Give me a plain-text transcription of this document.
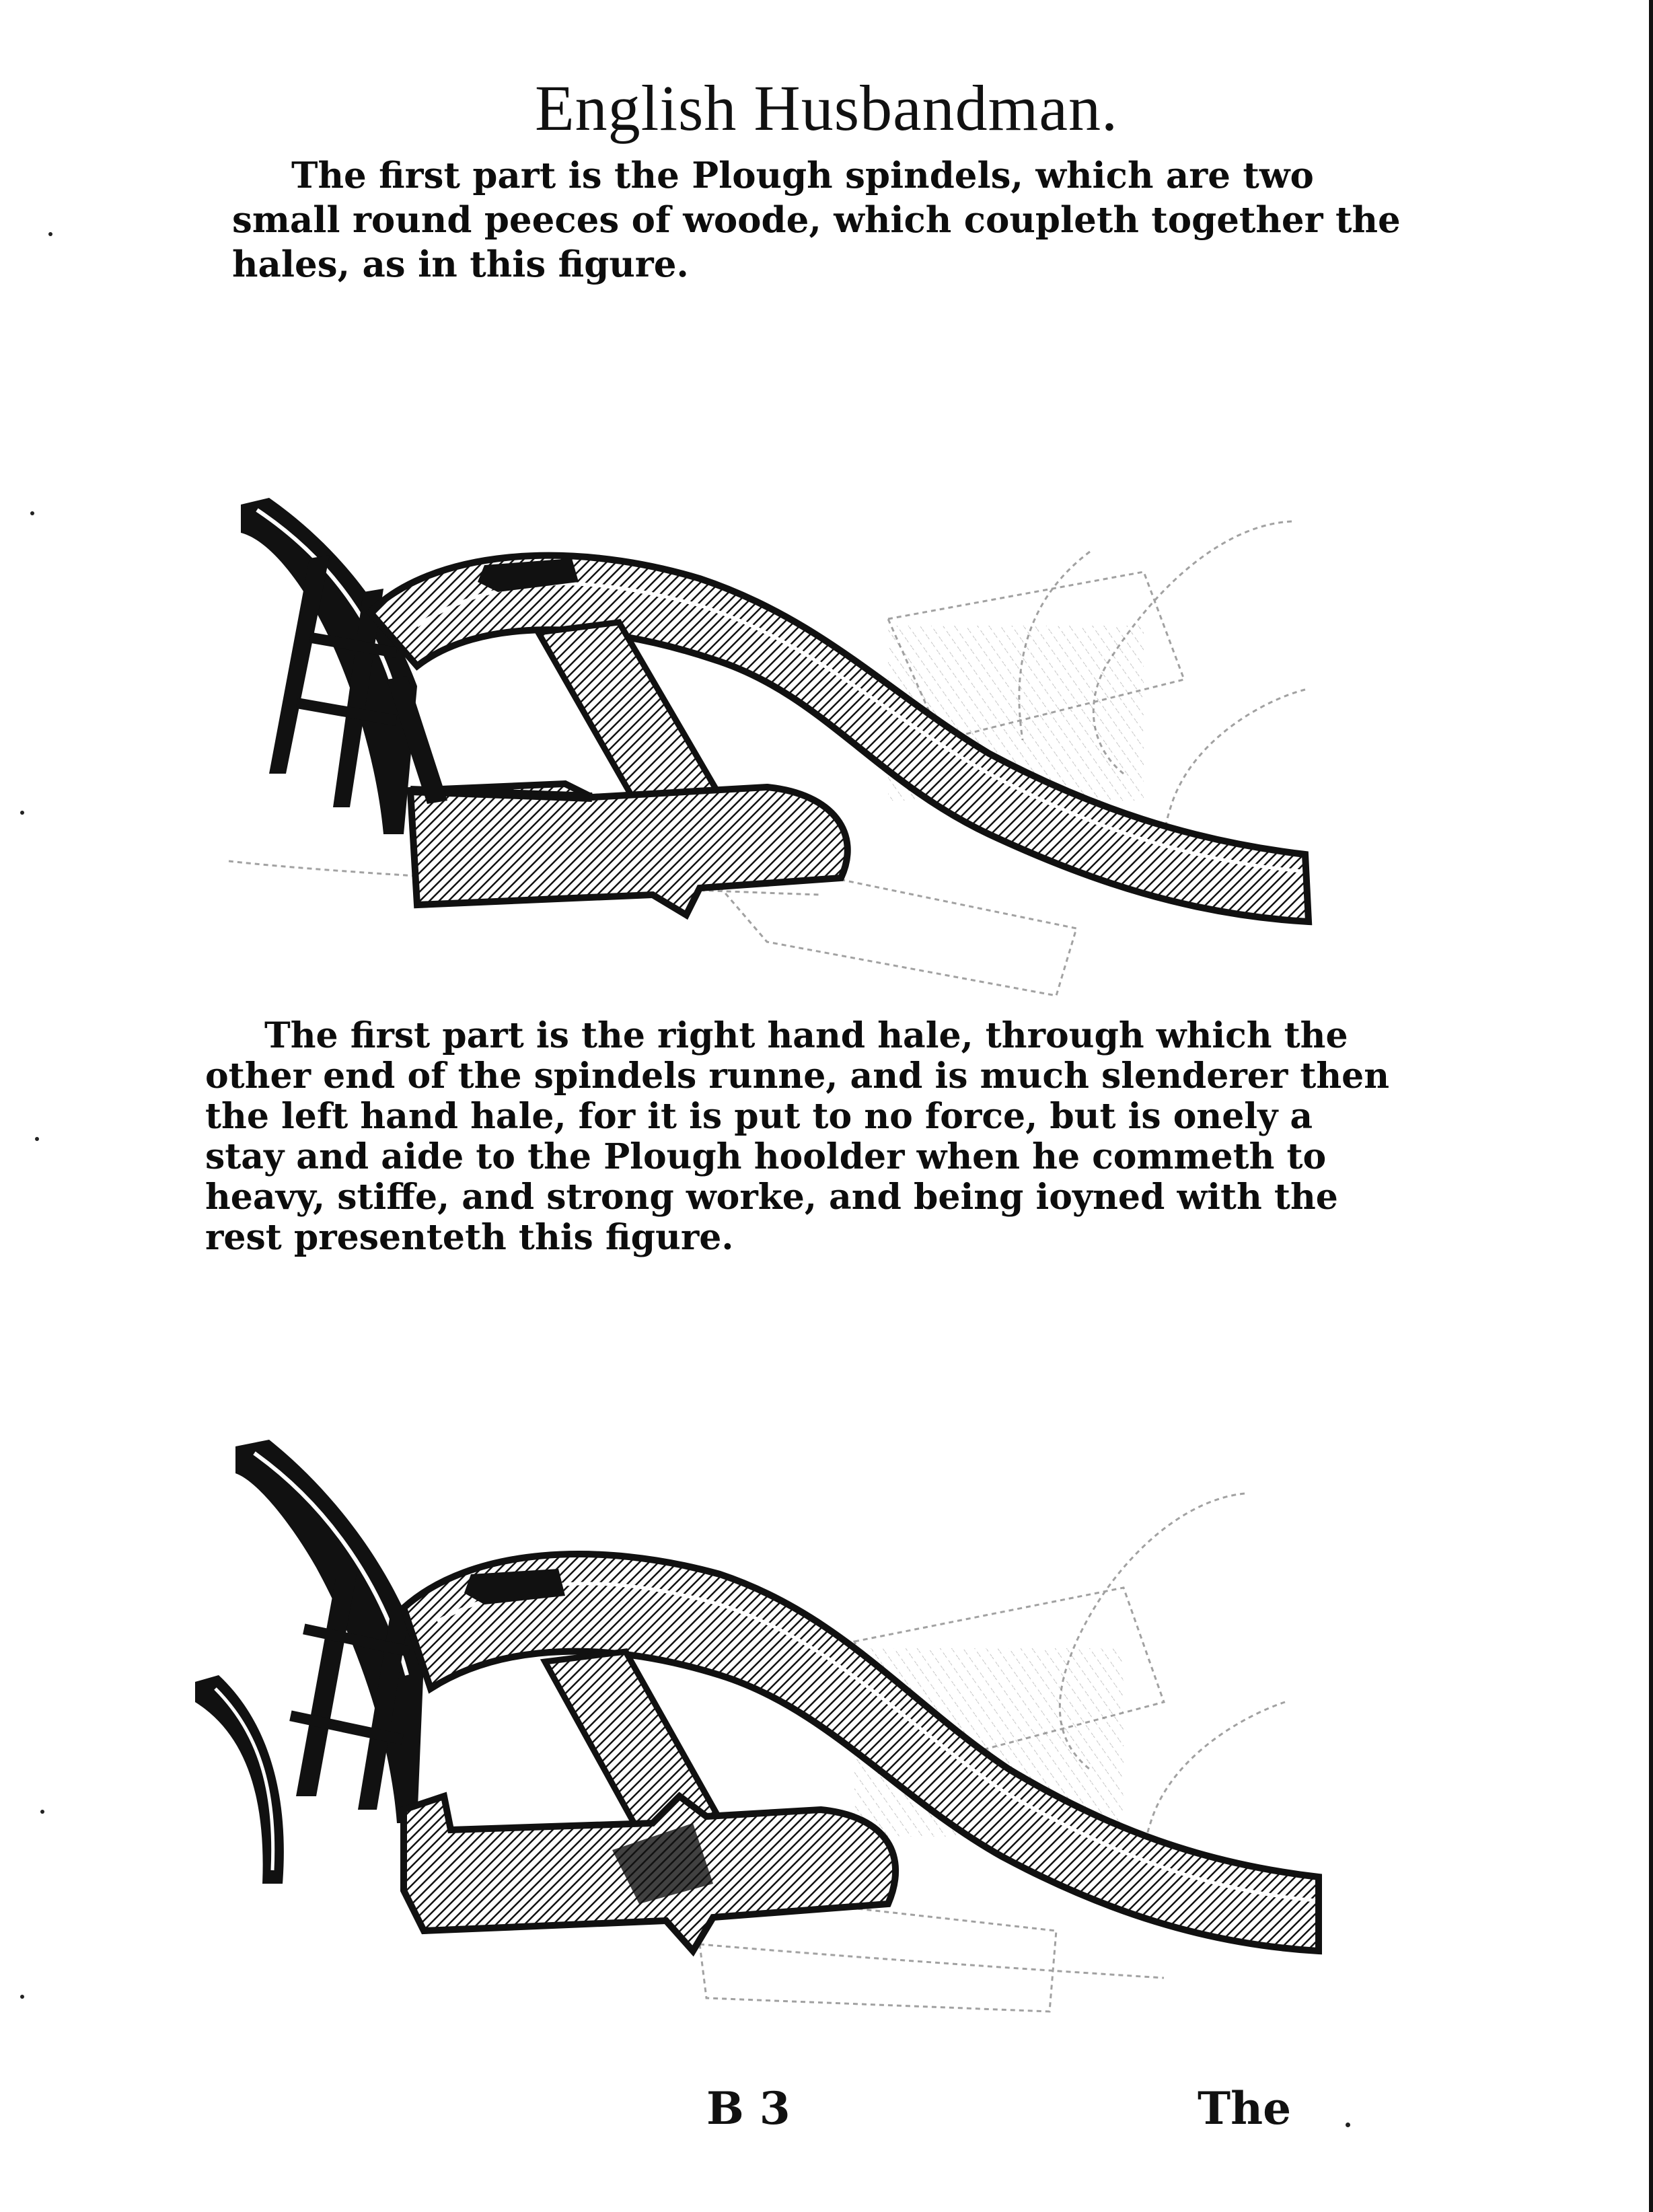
English Husbandman.
The first part is the Plough spindels, which are two
small round peeces of woode, which coupleth together the
hales, as in this figure.
The first part is the right hand hale, through which the
other end of the spindels runne, and is much slenderer then
the left hand hale, for it is put to no force, but is onely a
stay and aide to the Plough hoolder when he commeth to
heavy, stiffe, and strong worke, and being ioyned with the
rest presenteth this figure.
B 3	The
